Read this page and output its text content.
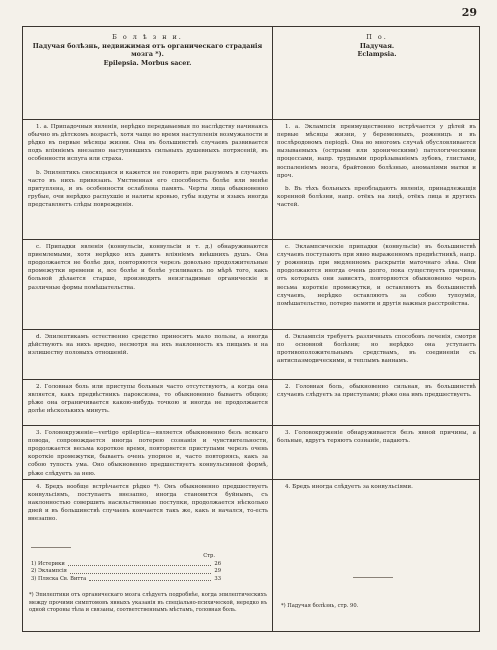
29
Б о л ѣ з н и.
Падучая болѣзнь, недвижимая отъ органическаго страданія мозга *).
Epilepsia. Morbus sacer.
П о.
Падучая.
Eclampsia.

1. а. Припадочныя явленія, нерѣдко передаваемыя по наслѣдству начинаясь обычно въ дѣтскомъ возрастѣ, хотя чаще во время наступленія возмужалости и рѣдко въ первые мѣсяцы жизни. Она въ большинствѣ случаевъ развивается подъ вліяніемъ внезапно наступившихъ сильныхъ душевныхъ потрясеній, въ особенности испуга или страха.

b. Эпилептикъ сносящаяся и кажется не говоритъ при разумомъ в случаяхъ часто въ нихъ привязанъ. Умственная его способность болѣе или менѣе притуплена, и въ особенности ослаблена память. Черты лица обыкновенно грубые, очи нерѣдко распухшіе и налиты кровью, губы вздуты и языкъ иногда представляетъ слѣды поврежденія.

1. а. Эклампсія преимущественно встрѣчается у дѣтей въ первые мѣсяцы жизни, у беременныхъ, роженицъ и въ послѣродовомъ періодѣ. Она во многомъ случаѣ обусловливается вызываемыхъ (острыми или хроническими) патологическими процессами, напр. трудными прорѣзываніемъ зубовъ, глистами, воспаленіемъ мозга, брайтовою болѣзнью, аномаліями матки и проч.

b. Въ тѣхъ больныхъ преобладаютъ явленія, принадлежащія коренной болѣзни, напр. отёкъ на лицѣ, отёкъ лица и другихъ частей.

c. Припадки явленія (конвульсіи, конвульсіи и т. д.) обнаруживаются приемлемыми, хотя нерѣдко ихъ давитъ вліяніемъ внѣшнихъ душъ. Она продолжается не болѣе дня, повторяются черезъ довольно продолжительные промежутки времени и, все болѣе и болѣе усиливаясь по мѣрѣ того, какъ больной дѣлается старше, производятъ неизгладимые органическіе и различные формы помѣшательства.

с. Эклампсическіе припадки (конвульсіи) въ большинствѣ случаевъ поступаютъ при явно выраженномъ предвѣстникѣ, напр. у рожениць при медленномъ раскрытіи маточнаго зѣва. Они продолжаются иногда очень долго, пока существуетъ причина, отъ которыхъ они зависятъ, повторяются обыкновенно черезъ весьма короткіе промежутки, и оставляютъ въ большинствѣ случаевъ, нерѣдко оставляютъ за собою тупоумія, помѣшательство, потерю памяти и другія важныя расстройства.

d. Эпилептикамъ естественно средство приносятъ мало пользы, а иногда дѣйствуютъ на нихъ вредно, несмотря на ихъ наклонность къ пищамъ и на излишеству половыхъ отношеній.

d. Эклампсія требуетъ различныхъ способовъ леченія, смотря по основной болѣзни; но нерѣдко она уступаетъ противоположительнымъ средствамъ, въ соединеніи съ антиспазмодическими, и теплымъ ваннамъ.

2. Головная боль или приступы больныя часто отсутствуютъ, а когда она является, какъ предвѣстникъ пароксизма, то обыкновенно бываетъ общею; рѣже она ограничивается какою-нибудь точкою и иногда не продолжается долѣе нѣсколькихъ минутъ.

2. Головная боль, обыкновенно сильная, въ большинствѣ случаевъ слѣдуетъ за приступами; рѣже она имъ предшествуетъ.

3. Головокруженіе—vertigo epileptica—является обыкновенно безъ всякаго повода, сопровождается иногда потерею сознанія и чувствительности, продолжается весьма короткое время, повторяется приступами черезъ очень короткіе промежутки, бываетъ очень упорное и, часто повторяясь, какъ за собою тупость ума. Оно обыкновенно предшествуетъ конвульсивной формѣ, рѣже слѣдуетъ за нею.

3. Головокруженіе обнаруживается безъ явной причины, а больные, вдругъ теряютъ сознаніе, падаютъ.

4. Бредъ вообще встрѣчается рѣдко *). Онъ обыкновенно предшествуетъ конвульсіямъ, поступаетъ внезапно, иногда становится буйнымъ, съ наклонностью совершить насильственные поступки, продолжается нѣсколько дней и въ большинствѣ случаевъ кончается такъ же, какъ и начался, то-есть внезапно.

4. Бредъ иногда слѣдуетъ за конвульсіями.

Стр.
1) Истерики	26
2) Эклампсія	29
3) Пляска Св. Витта	33
*) Эпилептики отъ органическаго мозга слѣдуетъ подробнѣе, когда эпилептическихъ между прочими симптомовъ явныхъ указанія въ спеціально-психической, нередко въ одной стороны тѣла и связаны, соответственнымъ мѣстамъ, головная боль.
*) Падучая болѣзнь, стр. 90.
